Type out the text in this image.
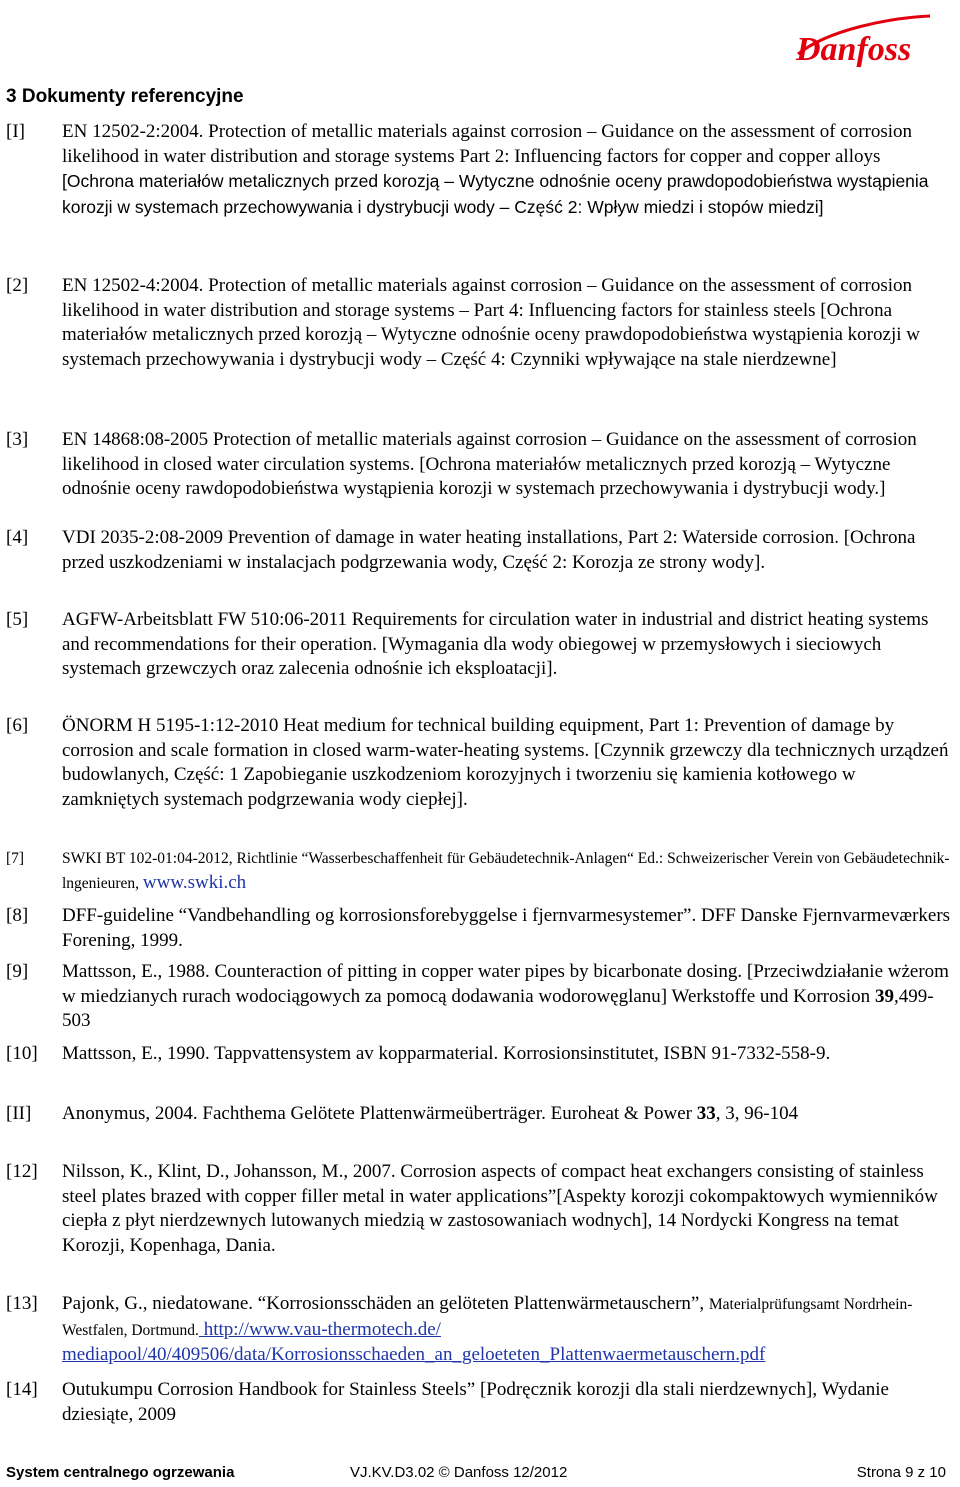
Danfoss
3 Dokumenty referencyjne
[I] EN 12502-2:2004. Protection of metallic materials against corrosion – Guidance on the assessment of corrosion likelihood in water distribution and storage systems Part 2: Influencing factors for copper and copper alloys [Ochrona materiałów metalicznych przed korozją – Wytyczne odnośnie oceny prawdopodobieństwa wystąpienia korozji w systemach przechowywania i dystrybucji wody – Część 2: Wpływ miedzi i stopów miedzi]
[2] EN 12502-4:2004. Protection of metallic materials against corrosion – Guidance on the assessment of corrosion likelihood in water distribution and storage systems – Part 4: Influencing factors for stainless steels [Ochrona materiałów metalicznych przed korozją – Wytyczne odnośnie oceny prawdopodobieństwa wystąpienia korozji w systemach przechowywania i dystrybucji wody – Część 4: Czynniki wpływające na stale nierdzewne]
[3] EN 14868:08-2005 Protection of metallic materials against corrosion – Guidance on the assessment of corrosion likelihood in closed water circulation systems. [Ochrona materiałów metalicznych przed korozją – Wytyczne odnośnie oceny rawdopodobieństwa wystąpienia korozji w systemach przechowywania i dystrybucji wody.]
[4] VDI 2035-2:08-2009 Prevention of damage in water heating installations, Part 2: Waterside corrosion. [Ochrona przed uszkodzeniami w instalacjach podgrzewania wody, Część 2: Korozja ze strony wody].
[5] AGFW-Arbeitsblatt FW 510:06-2011 Requirements for circulation water in industrial and district heating systems and recommendations for their operation. [Wymagania dla wody obiegowej w przemysłowych i sieciowych systemach grzewczych oraz zalecenia odnośnie ich eksploatacji].
[6] ÖNORM H 5195-1:12-2010 Heat medium for technical building equipment, Part 1: Prevention of damage by corrosion and scale formation in closed warm-water-heating systems. [Czynnik grzewczy dla technicznych urządzeń budowlanych, Część: 1 Zapobieganie uszkodzeniom korozyjnych i tworzeniu się kamienia kotłowego w zamkniętych systemach podgrzewania wody ciepłej].
[7] SWKI BT 102-01:04-2012, Richtlinie “Wasserbeschaffenheit für Gebäudetechnik-Anlagen“ Ed.: Schweizerischer Verein von Gebäudetechnik-lngenieuren, www.swki.ch
[8] DFF-guideline “Vandbehandling og korrosionsforebyggelse i fjernvarmesystemer”. DFF Danske Fjernvarmeværkers Forening, 1999.
[9] Mattsson, E., 1988. Counteraction of pitting in copper water pipes by bicarbonate dosing. [Przeciwdziałanie wżerom w miedzianych rurach wodociągowych za pomocą dodawania wodorowęglanu] Werkstoffe und Korrosion 39,499-503
[10] Mattsson, E., 1990. Tappvattensystem av kopparmaterial. Korrosionsinstitutet, ISBN 91-7332-558-9.
[II] Anonymus, 2004. Fachthema Gelötete Plattenwärmeüberträger. Euroheat & Power 33, 3, 96-104
[12] Nilsson, K., Klint, D., Johansson, M., 2007. Corrosion aspects of compact heat exchangers consisting of stainless steel plates brazed with copper filler metal in water applications”[Aspekty korozji cokompaktowych wymienników ciepła z płyt nierdzewnych lutowanych miedzią w zastosowaniach wodnych], 14 Nordycki Kongress na temat Korozji, Kopenhaga, Dania.
[13] Pajonk, G., niedatowane. “Korrosionsschäden an gelöteten Plattenwärmetauschern”, Materialprüfungsamt Nordrhein-Westfalen, Dortmund. http://www.vau-thermotech.de/ mediapool/40/409506/data/Korrosionsschaeden_an_geloeteten_Plattenwaermetauschern.pdf
[14] Outukumpu Corrosion Handbook for Stainless Steels” [Podręcznik korozji dla stali nierdzewnych], Wydanie dziesiąte, 2009
System centralnego ogrzewania	VJ.KV.D3.02 © Danfoss 12/2012	Strona 9 z 10
